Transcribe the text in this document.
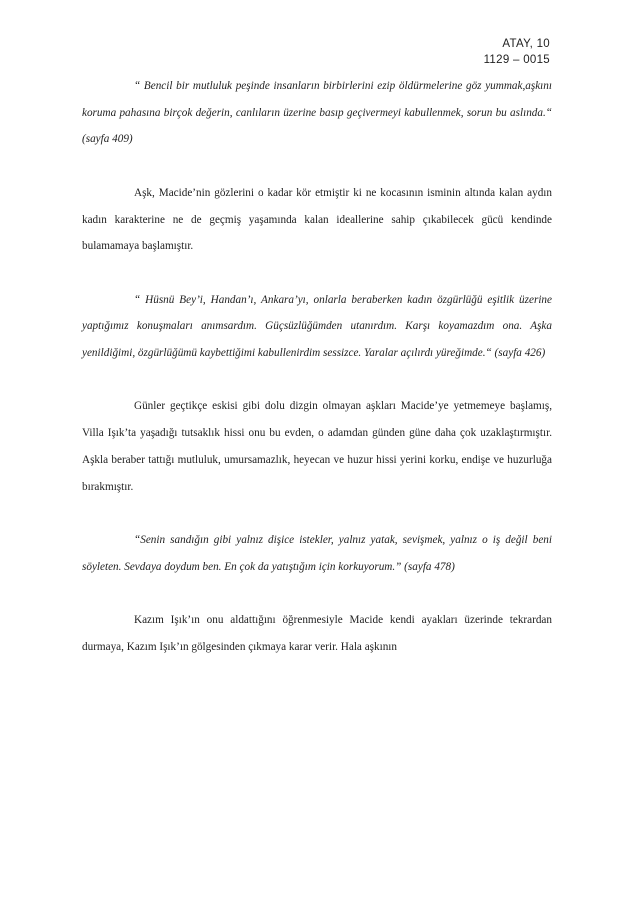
ATAY, 10
1129 – 0015

“ Bencil bir mutluluk peşinde insanların birbirlerini ezip öldürmelerine göz yummak,aşkını koruma pahasına birçok değerin, canlıların üzerine basıp geçivermeyi kabullenmek, sorun bu aslında.“ (sayfa 409)

Aşk, Macide’nin gözlerini o kadar kör etmiştir ki ne kocasının isminin altında kalan aydın kadın karakterine ne de geçmiş yaşamında kalan ideallerine sahip çıkabilecek gücü kendinde bulamamaya başlamıştır.

“ Hüsnü Bey’i, Handan’ı, Ankara’yı, onlarla beraberken kadın özgürlüğü eşitlik üzerine yaptığımız konuşmaları anımsardım. Güçsüzlüğümden utanırdım. Karşı koyamazdım ona. Aşka yenildiğimi, özgürlüğümü kaybettiğimi kabullenirdim sessizce. Yaralar açılırdı yüreğimde.“ (sayfa 426)

Günler geçtikçe eskisi gibi dolu dizgin olmayan aşkları Macide’ye yetmemeye başlamış, Villa Işık’ta yaşadığı tutsaklık hissi onu bu evden, o adamdan günden güne daha çok uzaklaştırmıştır. Aşkla beraber tattığı mutluluk, umursamazlık, heyecan ve huzur hissi yerini korku, endişe ve huzurluğa bırakmıştır.

“Senin sandığın gibi yalnız dişice istekler, yalnız yatak, sevişmek, yalnız o iş değil beni söyleten. Sevdaya doydum ben. En çok da yatıştığım için korkuyorum.” (sayfa 478)

Kazım Işık’ın onu aldattığını öğrenmesiyle Macide kendi ayakları üzerinde tekrardan durmaya, Kazım Işık’ın gölgesinden çıkmaya karar verir. Hala aşkının
